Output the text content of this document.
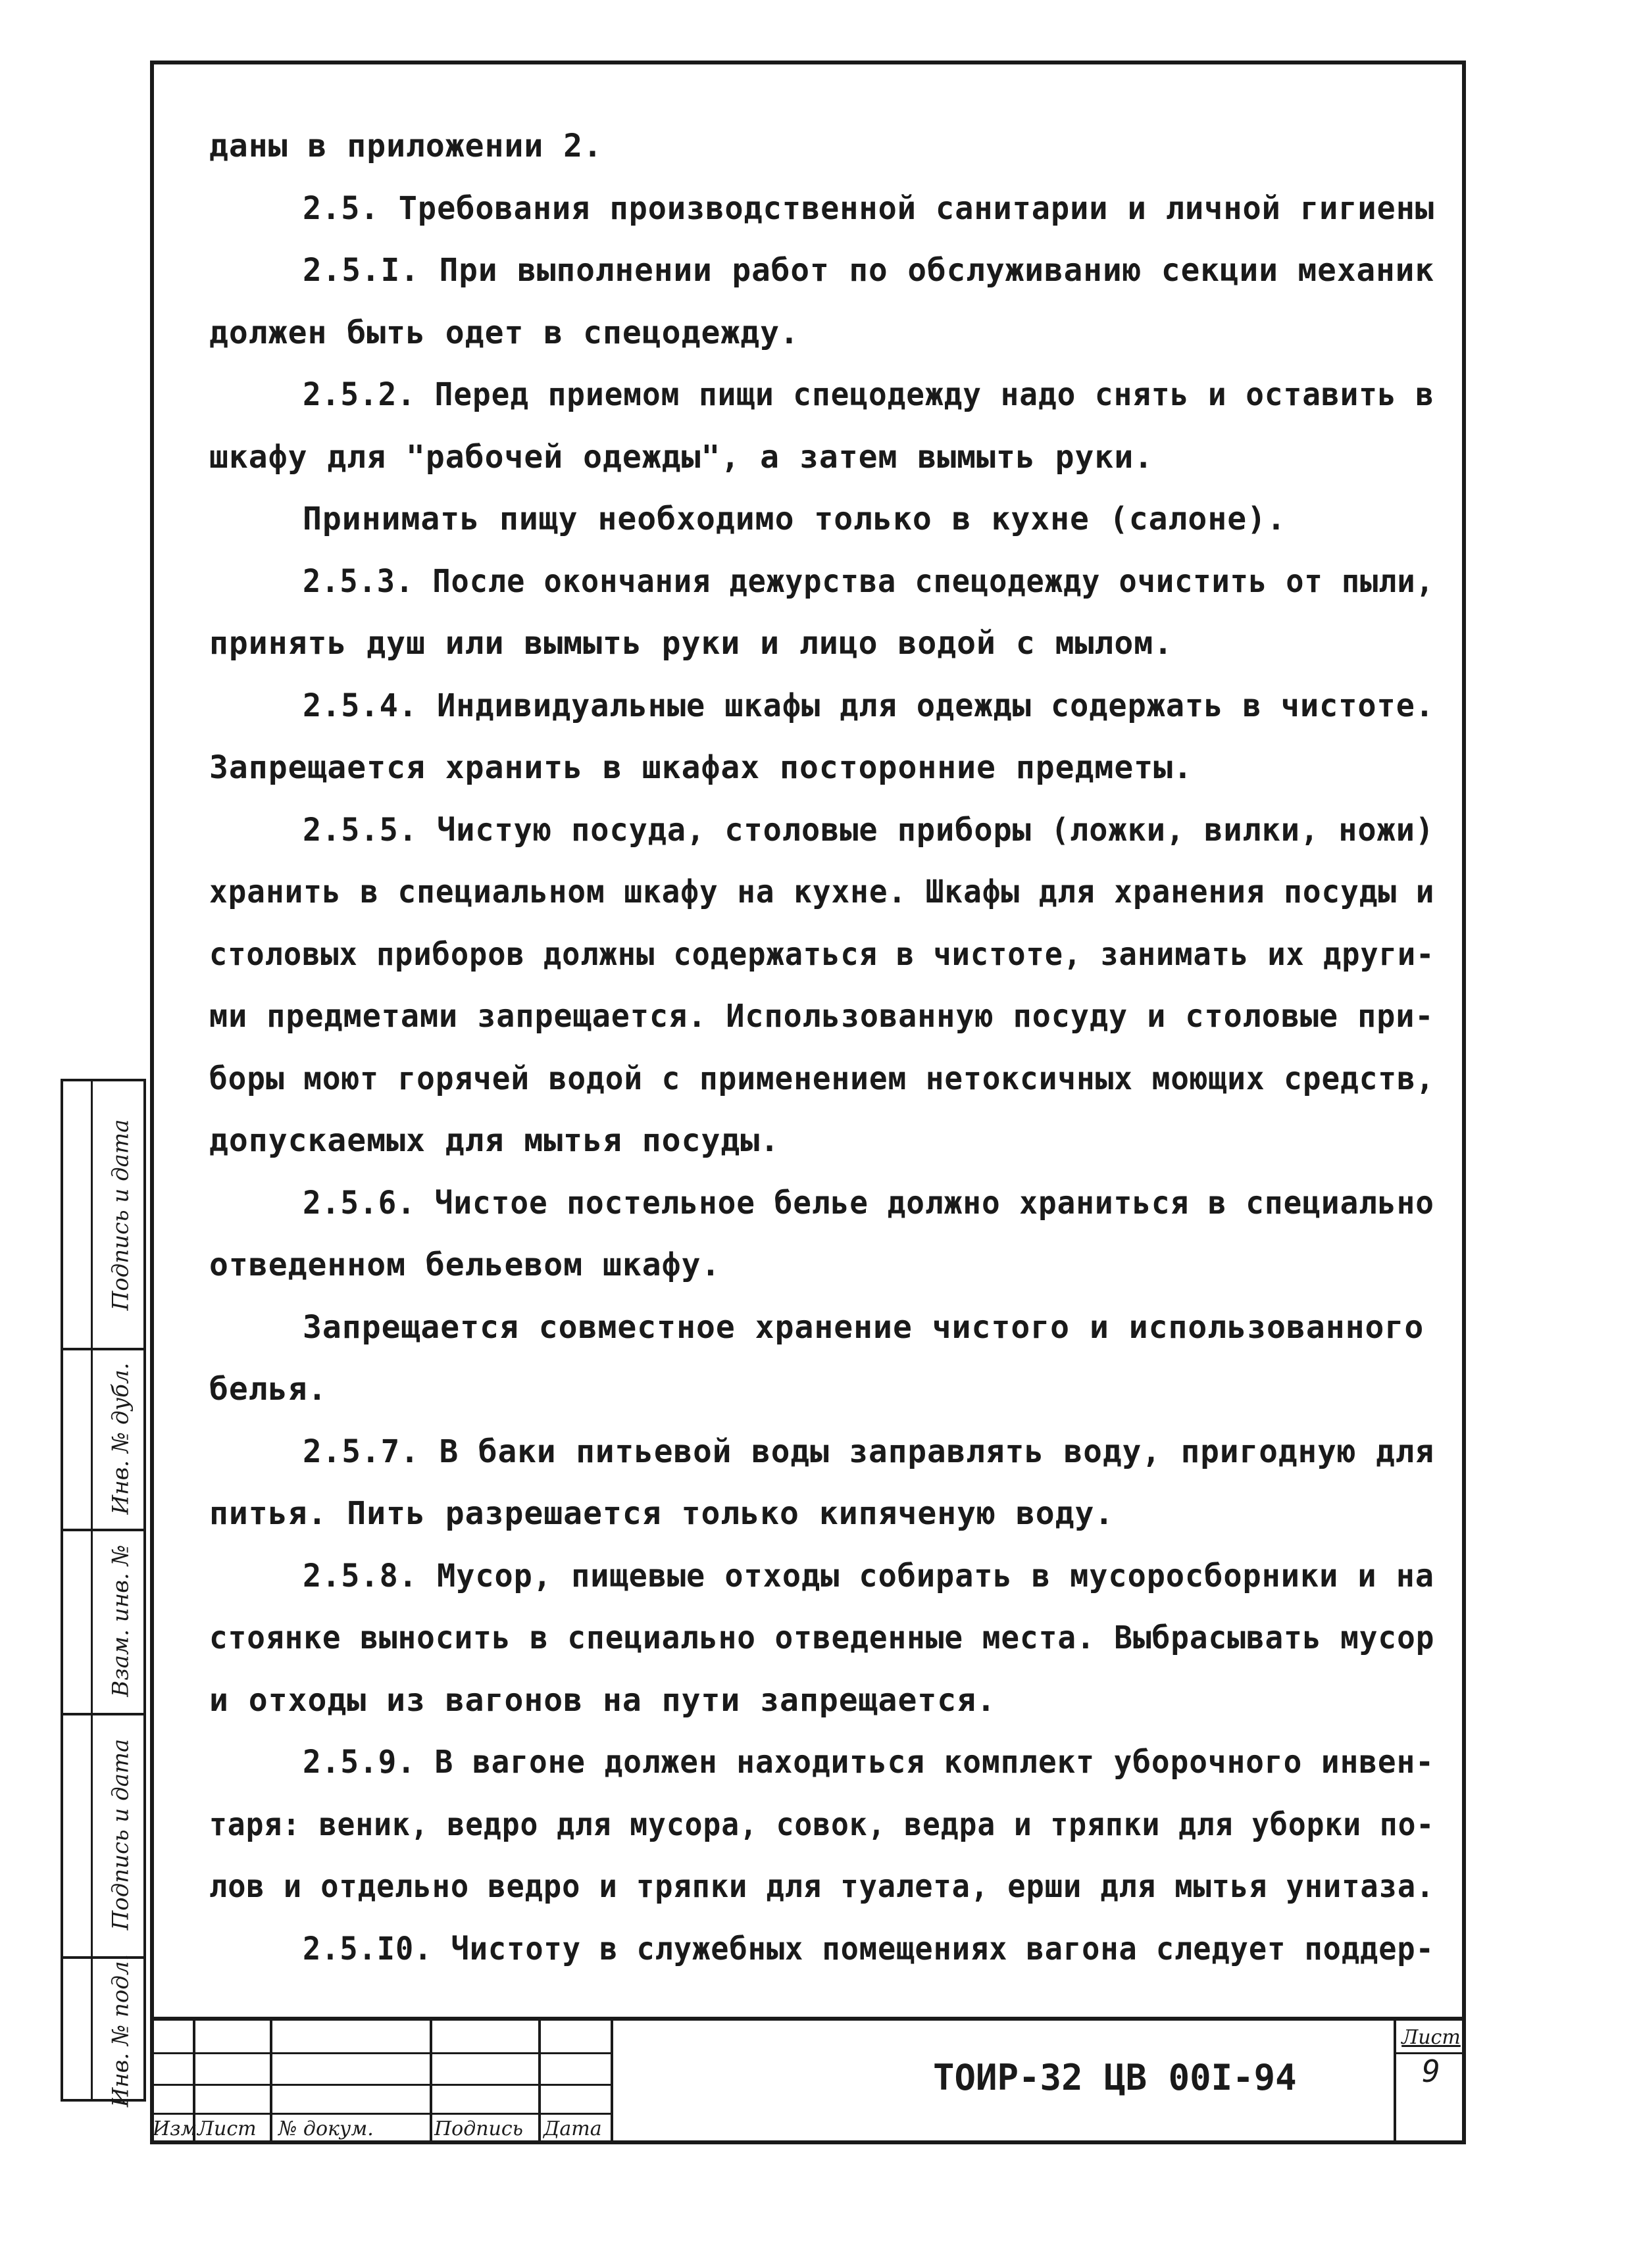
даны в приложении 2.
2.5. Требования производственной санитарии и личной гигиены
2.5.I. При выполнении работ по обслуживанию секции механик
должен быть одет в спецодежду.
2.5.2. Перед приемом пищи спецодежду надо снять и оставить в
шкафу для "рабочей одежды", а затем вымыть руки.
Принимать пищу необходимо только в кухне (салоне).
2.5.3. После окончания дежурства спецодежду очистить от пыли,
принять душ или вымыть руки и лицо водой с мылом.
2.5.4. Индивидуальные шкафы для одежды содержать в чистоте.
Запрещается хранить в шкафах посторонние предметы.
2.5.5. Чистую посуда, столовые приборы (ложки, вилки, ножи)
хранить в специальном шкафу на кухне. Шкафы для хранения посуды и
столовых приборов должны содержаться в чистоте, занимать их други-
ми предметами запрещается. Использованную посуду и столовые при-
боры моют горячей водой с применением нетоксичных моющих средств,
допускаемых для мытья посуды.
2.5.6. Чистое постельное белье должно храниться в специально
отведенном бельевом шкафу.
Запрещается совместное хранение чистого и использованного
белья.
2.5.7. В баки питьевой воды заправлять воду, пригодную для
питья. Пить разрешается только кипяченую воду.
2.5.8. Мусор, пищевые отходы собирать в мусоросборники и на
стоянке выносить в специально отведенные места. Выбрасывать мусор
и отходы из вагонов на пути запрещается.
2.5.9. В вагоне должен находиться комплект уборочного инвен-
таря: веник, ведро для мусора, совок, ведра и тряпки для уборки по-
лов и отдельно ведро и тряпки для туалета, ерши для мытья унитаза.
2.5.I0. Чистоту в служебных помещениях вагона следует поддер-
Подпись и дата
Инв. № дубл.
Взам. инв. №
Подпись и дата
Инв. № подл.
Изм Лист № докум.	Подпись Дата
ТОИР-32 ЦВ 00I-94
Лист
9
